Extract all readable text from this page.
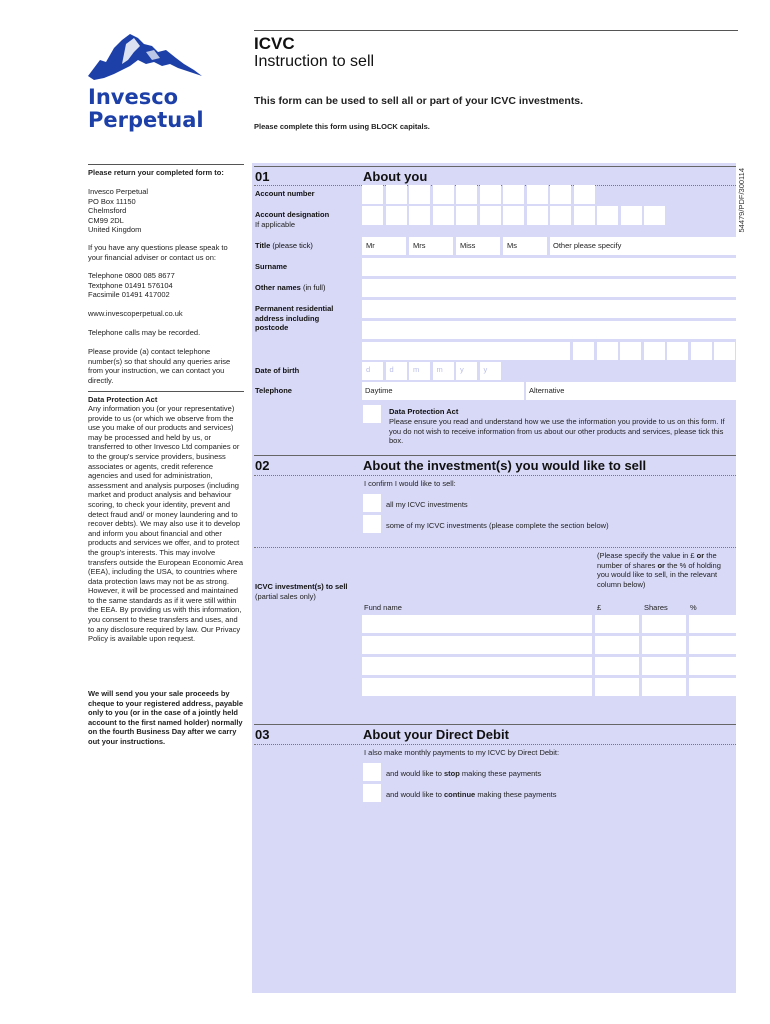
Invesco
Perpetual
ICVC
Instruction to sell
This form can be used to sell all or part of your ICVC investments.
Please complete this form using BLOCK capitals.
54479/PDF/300114
Please return your completed form to:
Invesco Perpetual
PO Box 11150
Chelmsford
CM99 2DL
United Kingdom
If you have any questions please speak to your financial adviser or contact us on:
Telephone 0800 085 8677
Textphone 01491 576104
Facsimile 01491 417002
www.invescoperpetual.co.uk
Telephone calls may be recorded.
Please provide (a) contact telephone number(s) so that should any queries arise from your instruction, we can contact you directly.
Data Protection Act
Any information you (or your representative) provide to us (or which we observe from the use you make of our products and services) may be processed and held by us, or transferred to other Invesco Ltd companies or to the group's service providers, business associates or agents, credit reference agencies and used for administration, assessment and analysis purposes (including market and product analysis and behaviour scoring, to check your identity, prevent and detect fraud and/ or money laundering and to recover debts). We may also use it to develop and inform you about financial and other products and services we offer, and to protect the group's interests. This may involve transfers outside the European Economic Area (EEA), including the USA, to countries where data protection laws may not be as strong. However, it will be processed and maintained to the same standards as if it were still within the EEA. By providing us with this information, you consent to these transfers and uses, and to any disclosure required by law. Our Privacy Policy is available upon request.
We will send you your sale proceeds by cheque to your registered address, payable only to you (or in the case of a jointly held account to the first named holder) normally on the fourth Business Day after we carry out your instructions.
01	About you
Account number
Account designation
If applicable
Title (please tick)	Mr	Mrs	Miss	Ms	Other please specify
Surname
Other names (in full)
Permanent residential address including postcode
Date of birth
Telephone	Daytime	Alternative
Data Protection Act
Please ensure you read and understand how we use the information you provide to us on this form. If you do not wish to receive information from us about our other products and services, please tick this box.
02	About the investment(s) you would like to sell
I confirm I would like to sell:
all my ICVC investments
some of my ICVC investments (please complete the section below)
(Please specify the value in £ or the number of shares or the % of holding you would like to sell, in the relevant column below)
ICVC investment(s) to sell
(partial sales only)
Fund name	£	Shares	%
03	About your Direct Debit
I also make monthly payments to my ICVC by Direct Debit:
and would like to stop making these payments
and would like to continue making these payments
d	d	m m y	y
